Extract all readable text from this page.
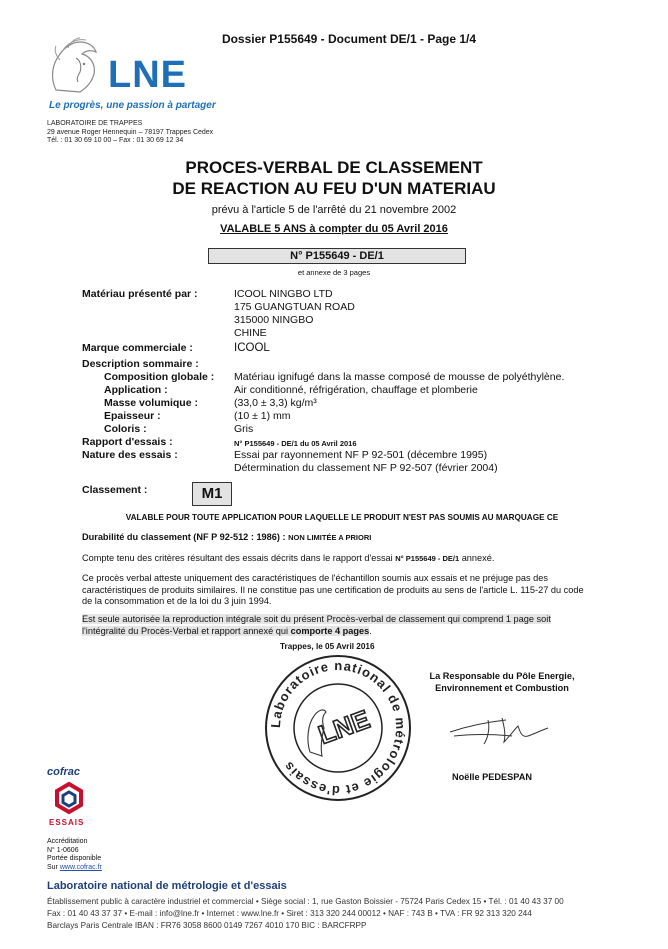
Dossier P155649 - Document DE/1 - Page 1/4
LNE
Le progrès, une passion à partager
LABORATOIRE DE TRAPPES
29 avenue Roger Hennequin – 78197 Trappes Cedex
Tél. : 01 30 69 10 00 – Fax : 01 30 69 12 34
PROCES-VERBAL DE CLASSEMENT
DE REACTION AU FEU D'UN MATERIAU
prévu à l'article 5 de l'arrêté du 21 novembre 2002
VALABLE 5 ANS à compter du 05 Avril 2016
N° P155649 - DE/1
et annexe de 3 pages
Matériau présenté par :	ICOOL NINGBO LTD
175 GUANGTUAN ROAD
315000 NINGBO
CHINE
Marque commerciale :	ICOOL
Description sommaire :
Composition globale : Matériau ignifugé dans la masse composé de mousse de polyéthylène.
Application :	Air conditionné, réfrigération, chauffage et plomberie
Masse volumique :	(33,0 ± 3,3) kg/m³
Epaisseur :	(10 ± 1) mm
Coloris :	Gris
Rapport d'essais :	N° P155649 - DE/1 du 05 Avril 2016
Nature des essais :	Essai par rayonnement NF P 92-501 (décembre 1995)
Détermination du classement NF P 92-507 (février 2004)
Classement :	M1
VALABLE POUR TOUTE APPLICATION POUR LAQUELLE LE PRODUIT N'EST PAS SOUMIS AU MARQUAGE CE
Durabilité du classement (NF P 92-512 : 1986) : NON LIMITÉE A PRIORI
Compte tenu des critères résultant des essais décrits dans le rapport d'essai N° P155649 - DE/1 annexé.
Ce procès verbal atteste uniquement des caractéristiques de l'échantillon soumis aux essais et ne préjuge pas des caractéristiques de produits similaires. Il ne constitue pas une certification de produits au sens de l'article L. 115-27 du code de la consommation et de la loi du 3 juin 1994.
Est seule autorisée la reproduction intégrale soit du présent Procès-verbal de classement qui comprend 1 page soit l'intégralité du Procès-Verbal et rapport annexé qui comporte 4 pages.
Trappes, le 05 Avril 2016
Laboratoire national de métrologie et d'essais
LNE
La Responsable du Pôle Energie,
Environnement et Combustion
Noëlle PEDESPAN
cofrac
ESSAIS
Accréditation
N° 1-0606
Portée disponible
Sur www.cofrac.fr
Laboratoire national de métrologie et d'essais
Établissement public à caractère industriel et commercial • Siège social : 1, rue Gaston Boissier - 75724 Paris Cedex 15 • Tél. : 01 40 43 37 00
Fax : 01 40 43 37 37 • E-mail : info@lne.fr • Internet : www.lne.fr • Siret : 313 320 244 00012 • NAF : 743 B • TVA : FR 92 313 320 244
Barclays Paris Centrale IBAN : FR76 3058 8600 0149 7267 4010 170 BIC : BARCFRPP
